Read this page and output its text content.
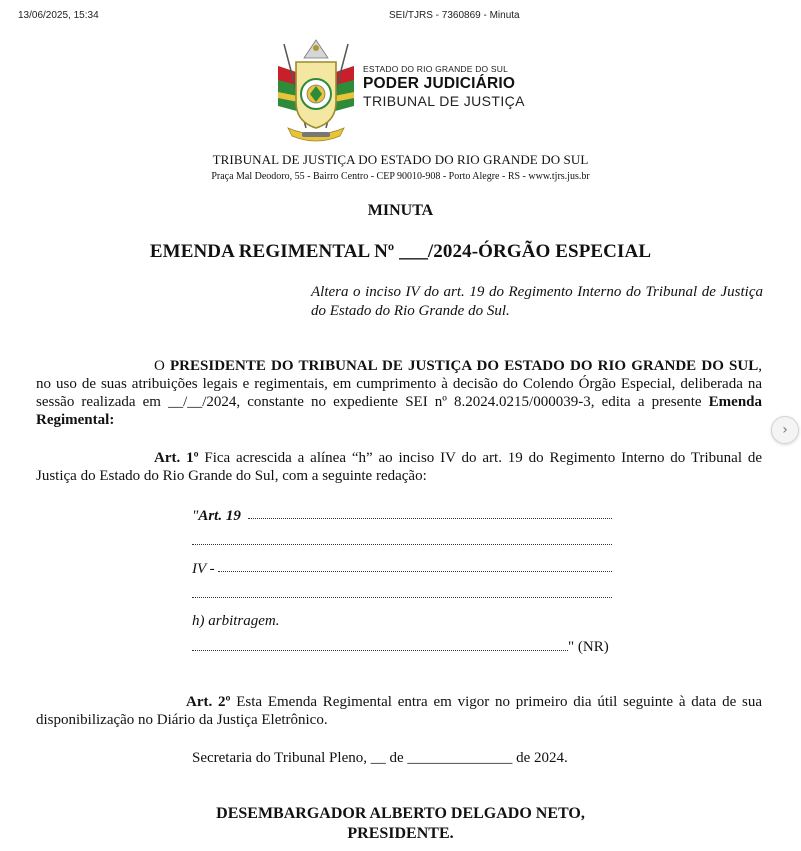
13/06/2025, 15:34	SEI/TJRS - 7360869 - Minuta
ESTADO DO RIO GRANDE DO SUL
PODER JUDICIÁRIO
TRIBUNAL DE JUSTIÇA
TRIBUNAL DE JUSTIÇA DO ESTADO DO RIO GRANDE DO SUL
Praça Mal Deodoro, 55 - Bairro Centro - CEP 90010-908 - Porto Alegre - RS - www.tjrs.jus.br
MINUTA
EMENDA REGIMENTAL Nº ___/2024-ÓRGÃO ESPECIAL
Altera o inciso IV do art. 19 do Regimento Interno do Tribunal de Justiça do Estado do Rio Grande do Sul.
O PRESIDENTE DO TRIBUNAL DE JUSTIÇA DO ESTADO DO RIO GRANDE DO SUL, no uso de suas atribuições legais e regimentais, em cumprimento à decisão do Colendo Órgão Especial, deliberada na sessão realizada em __/__/2024, constante no expediente SEI nº 8.2024.0215/000039-3, edita a presente Emenda Regimental:
Art. 1º Fica acrescida a alínea “h” ao inciso IV do art. 19 do Regimento Interno do Tribunal de Justiça do Estado do Rio Grande do Sul, com a seguinte redação:
"Art. 19
IV -
h) arbitragem.
" (NR)
Art. 2º Esta Emenda Regimental entra em vigor no primeiro dia útil seguinte à data de sua disponibilização no Diário da Justiça Eletrônico.
Secretaria do Tribunal Pleno, __ de ______________ de 2024.
DESEMBARGADOR ALBERTO DELGADO NETO,
PRESIDENTE.
›
